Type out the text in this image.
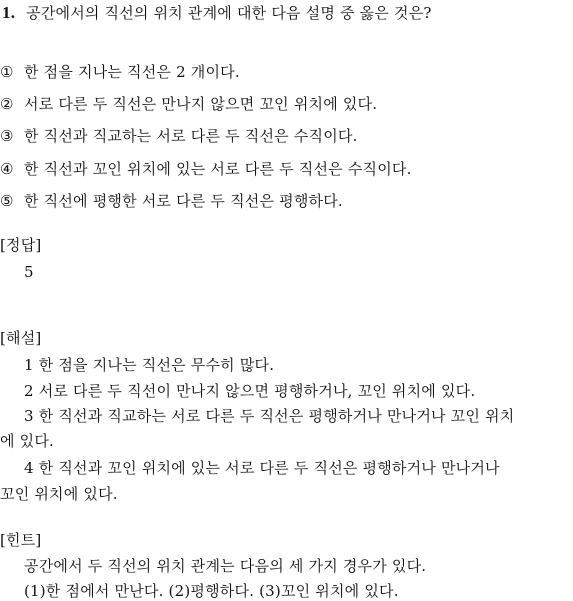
1. 공간에서의 직선의 위치 관계에 대한 다음 설명 중 옳은 것은?
① 한 점을 지나는 직선은 2 개이다.
② 서로 다른 두 직선은 만나지 않으면 꼬인 위치에 있다.
③ 한 직선과 직교하는 서로 다른 두 직선은 수직이다.
④ 한 직선과 꼬인 위치에 있는 서로 다른 두 직선은 수직이다.
⑤ 한 직선에 평행한 서로 다른 두 직선은 평행하다.
[정답]
5
[해설]
1 한 점을 지나는 직선은 무수히 많다.
2 서로 다른 두 직선이 만나지 않으면 평행하거나, 꼬인 위치에 있다.
3 한 직선과 직교하는 서로 다른 두 직선은 평행하거나 만나거나 꼬인 위치
에 있다.
4 한 직선과 꼬인 위치에 있는 서로 다른 두 직선은 평행하거나 만나거나
꼬인 위치에 있다.
[힌트]
공간에서 두 직선의 위치 관계는 다음의 세 가지 경우가 있다.
(1)한 점에서 만난다. (2)평행하다. (3)꼬인 위치에 있다.
